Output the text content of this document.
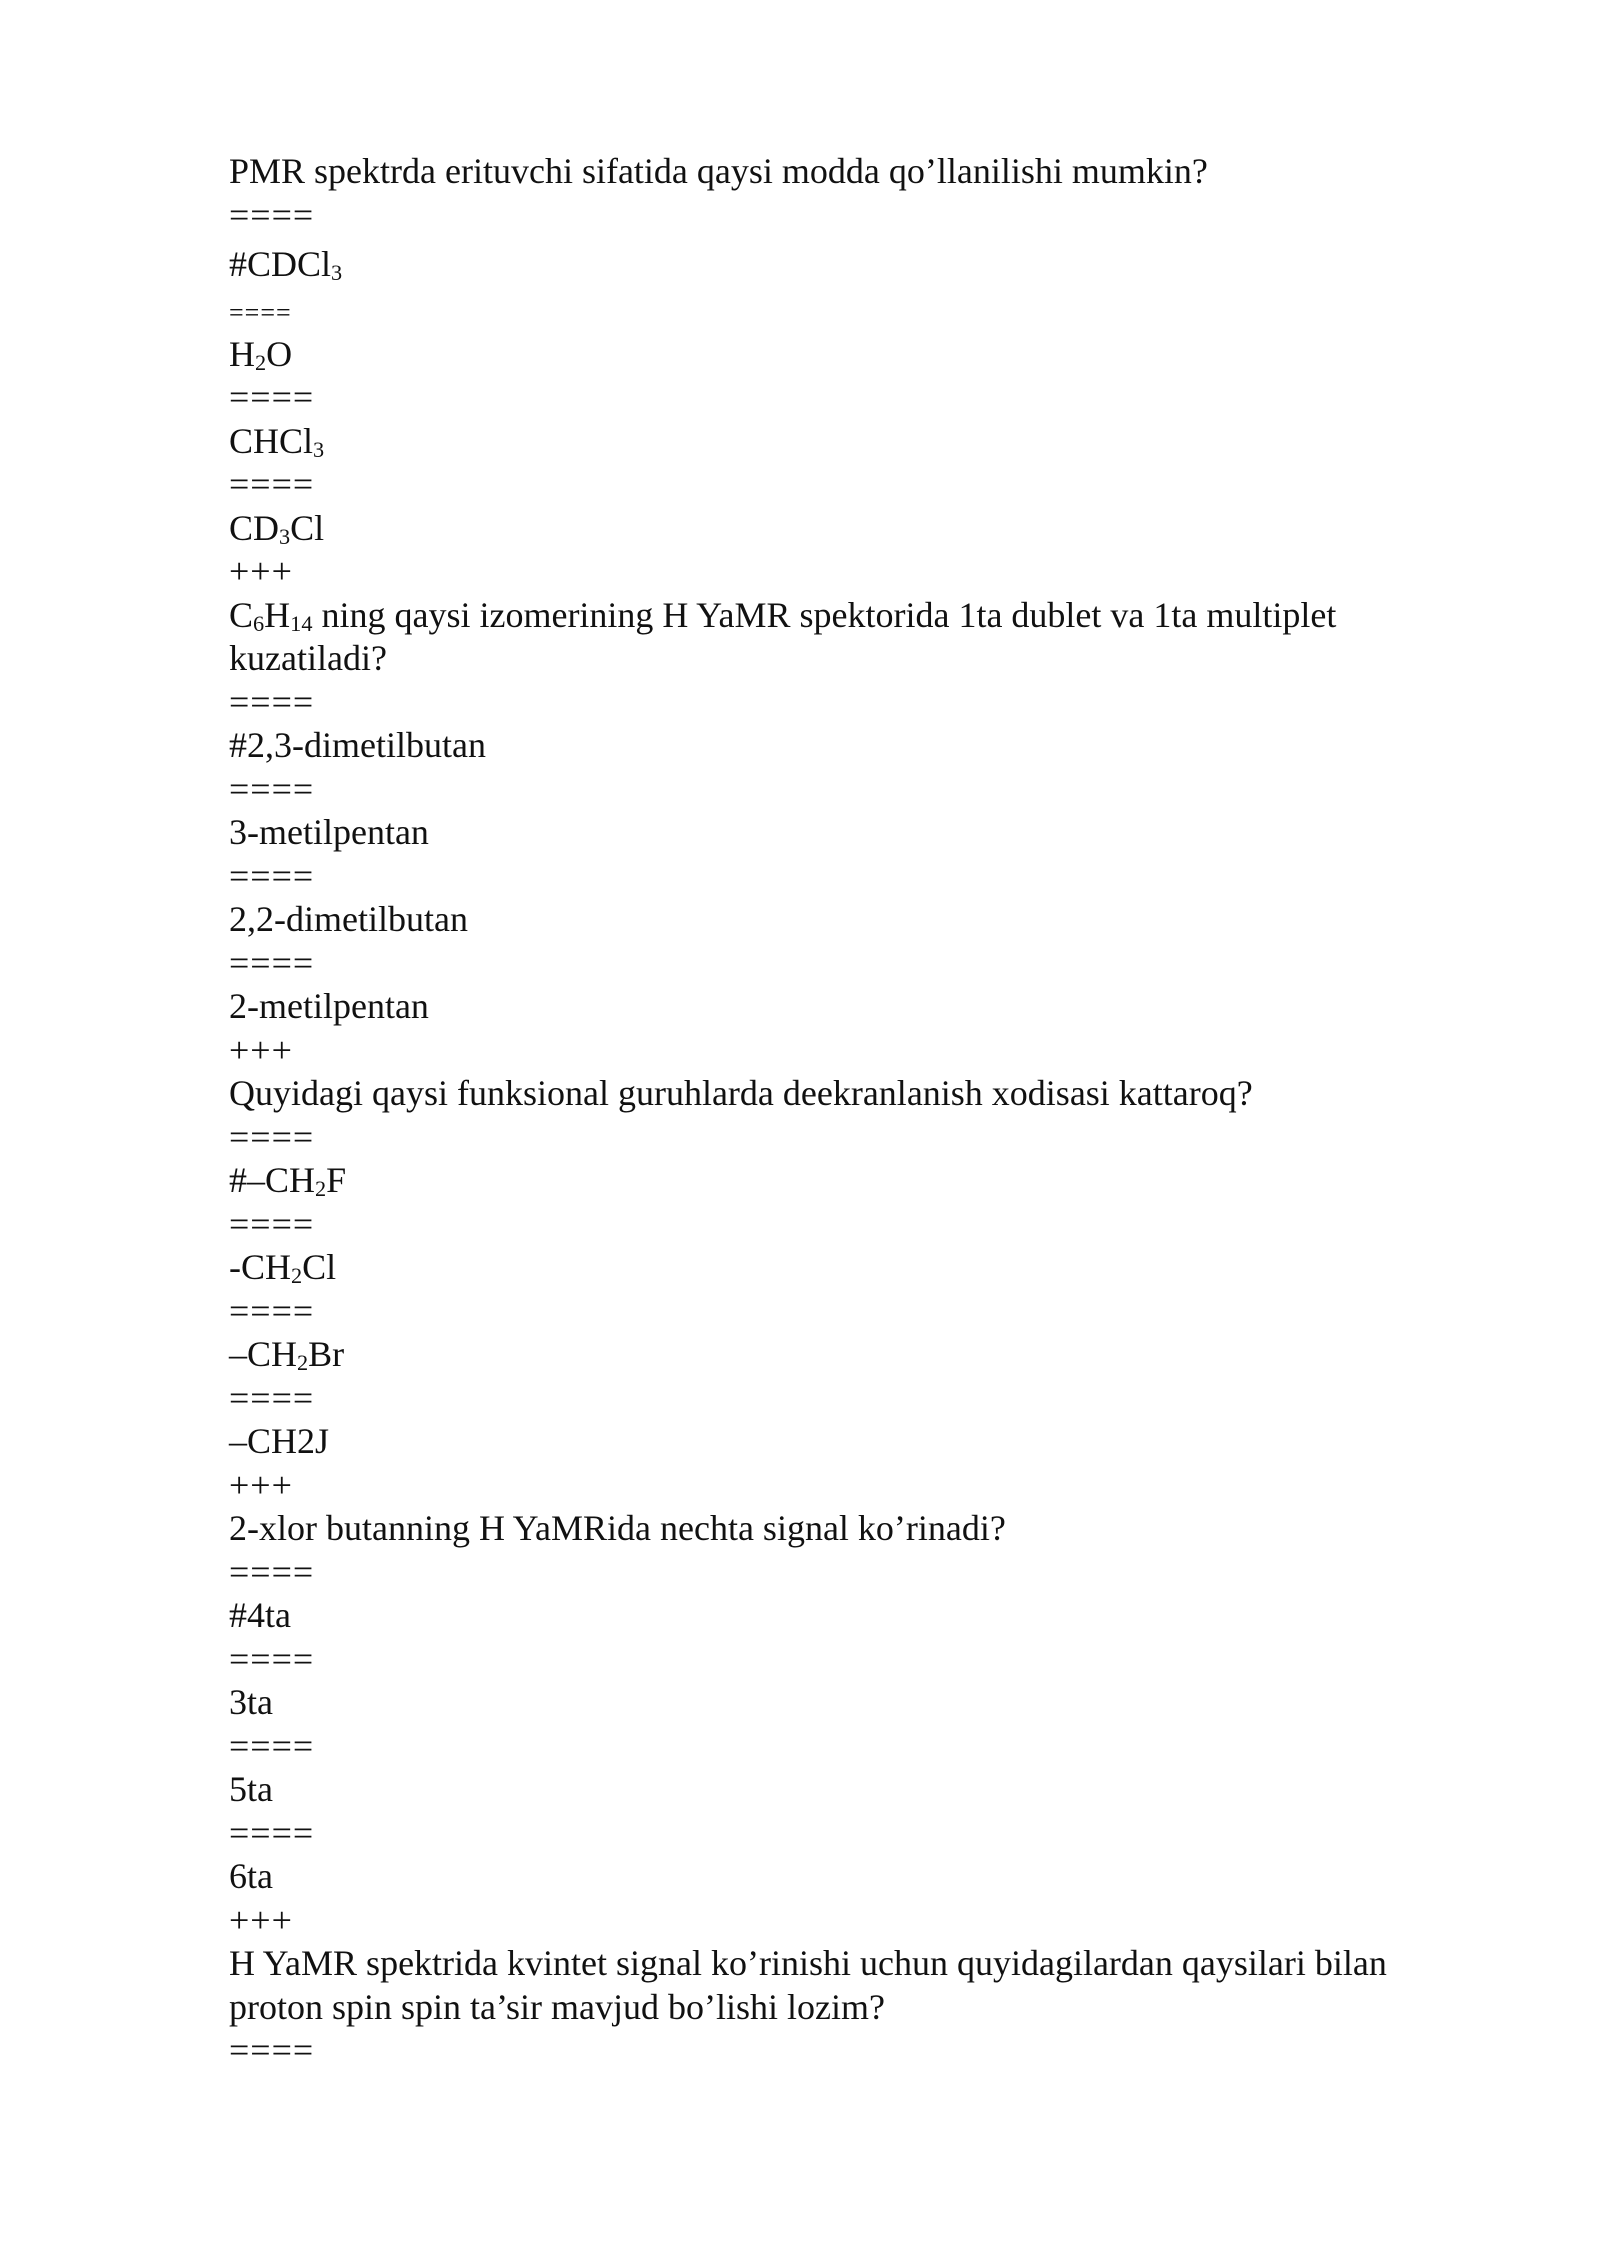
PMR spektrda erituvchi sifatida qaysi modda qo’llanilishi mumkin?
====
#CDCl$_3$
====
$H_2O$
====
CHCl$_3$
====
$CD_3Cl$
+++
$C_6H_{14}$ ning qaysi izomerining H YaMR spektorida 1ta dublet va 1ta multiplet
kuzatiladi?
====
#2,3-dimetilbutan
====
3-metilpentan
====
2,2-dimetilbutan
====
2-metilpentan
+++
Quyidagi qaysi funksional guruhlarda deekranlanish xodisasi kattaroq?
====
$\#-CH_2F$
====
$-CH_2Cl$
====
$-CH_2Br$
====
–CH2J
+++
2-xlor butanning H YaMRida nechta signal ko’rinadi?
====
#4ta
====
3ta
====
5ta
====
6ta
+++
H YaMR spektrida kvintet signal ko’rinishi uchun quyidagilardan qaysilari bilan
proton spin spin ta’sir mavjud bo’lishi lozim?
====
